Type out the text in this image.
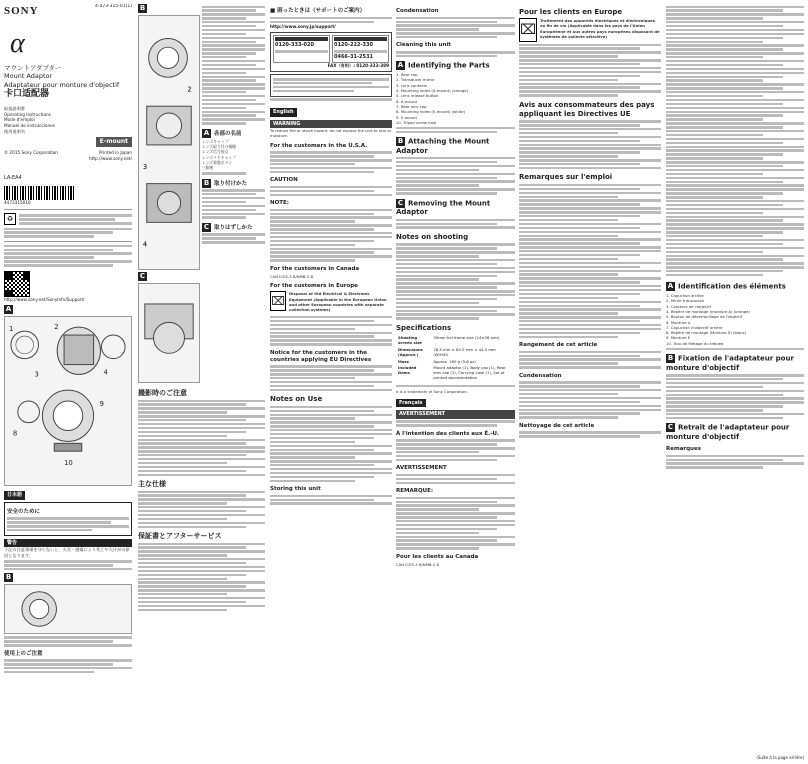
SONY	4-473-315-01(1)
α
マウントアダプター
Mount Adaptor
Adaptateur pour monture d'objectif
卡口适配器
取扱説明書
Operating Instructions
Mode d'emploi
Manuel de instrucciones
使用说明书
E-mount
© 2015 Sony Corporation	Printed in Japan
http://www.sony.net/
LA-EA4
4473315010
♻
http://www.sony.net/SonyInfo/Support/
A
1	2
3	4
8
9
10
日本語
安全のために
警告
下記の注意事項を守らないと、火災・感電により死亡や大けがの原因となります。
B
使用上のご注意
B
2
3
4
C
A 各部の名前
レンズキャップ
レンズ取り付け指標
レンズ信号接点
レンズリヤキャップ
レンズ着脱ボタン
三脚座
B 取り付けかた
C 取りはずしかた
撮影時のご注意
主な仕様
保証書とアフターサービス
■ 困ったときは（サポートのご案内）
http://www.sony.jp/support/
0120-333-020	0120-222-330
0466-31-2531
FAX（有料）: 0120-333-389
English
WARNING
To reduce fire or shock hazard, do not expose the unit to rain or moisture.
For the customers in the U.S.A.
CAUTION
NOTE:
For the customers in Canada
CAN ICES-3 B/NMB-3 B
For the customers in Europe
⌧
Disposal of Old Electrical & Electronic Equipment (Applicable in the European Union and other European countries with separate collection systems)
Notice for the customers in the countries applying EU Directives
Notes on Use
Storing this unit
Condensation
Cleaning this unit
A Identifying the Parts
1. Rear cap
2. Transducer mirror
3. Lens contacts
4. Mounting index (A-mount) (orange)
5. Lens release button
6. A-mount
7. Rear lens cap
8. Mounting index (E-mount) (white)
9. E-mount
10. Tripod screw hole
B Attaching the Mount Adaptor
C Removing the Mount Adaptor
Notes on shooting
Specifications
Shooting screen size	35mm full frame size (24×36 mm)
Dimensions (Approx.)	78.5 mm × 80.5 mm × 44.5 mm (W/H/D)
Mass	Approx. 160 g (5.6 oz)
Included items	Mount adaptor (1), Body cap (1), Rear lens cap (1), Carrying case (1), Set of printed documentation
α is a trademark of Sony Corporation.
Français
AVERTISSEMENT
À l'intention des clients aux É.-U.
AVERTISSEMENT
REMARQUE:
Pour les clients au Canada
CAN ICES-3 B/NMB-3 B
Pour les clients en Europe
⌧
Traitement des appareils électriques et électroniques en fin de vie (Applicable dans les pays de l'Union Européenne et aux autres pays européens disposant de systèmes de collecte sélective)
Avis aux consommateurs des pays appliquant les Directives UE
Remarques sur l'emploi
Rangement de cet article
Condensation
Nettoyage de cet article
A Identification des éléments
1. Capuchon arrière
2. Miroir translucide
3. Contacts de l'objectif
4. Repère de montage (monture A) (orange)
5. Bouton de déverrouillage de l'objectif
6. Monture A
7. Capuchon d'objectif arrière
8. Repère de montage (Monture E) (blanc)
9. Monture E
10. Trou de filetage du trépied
B Fixation de l'adaptateur pour monture d'objectif
C Retrait de l'adaptateur pour monture d'objectif
Remarques
(Suite à la page arrière)
